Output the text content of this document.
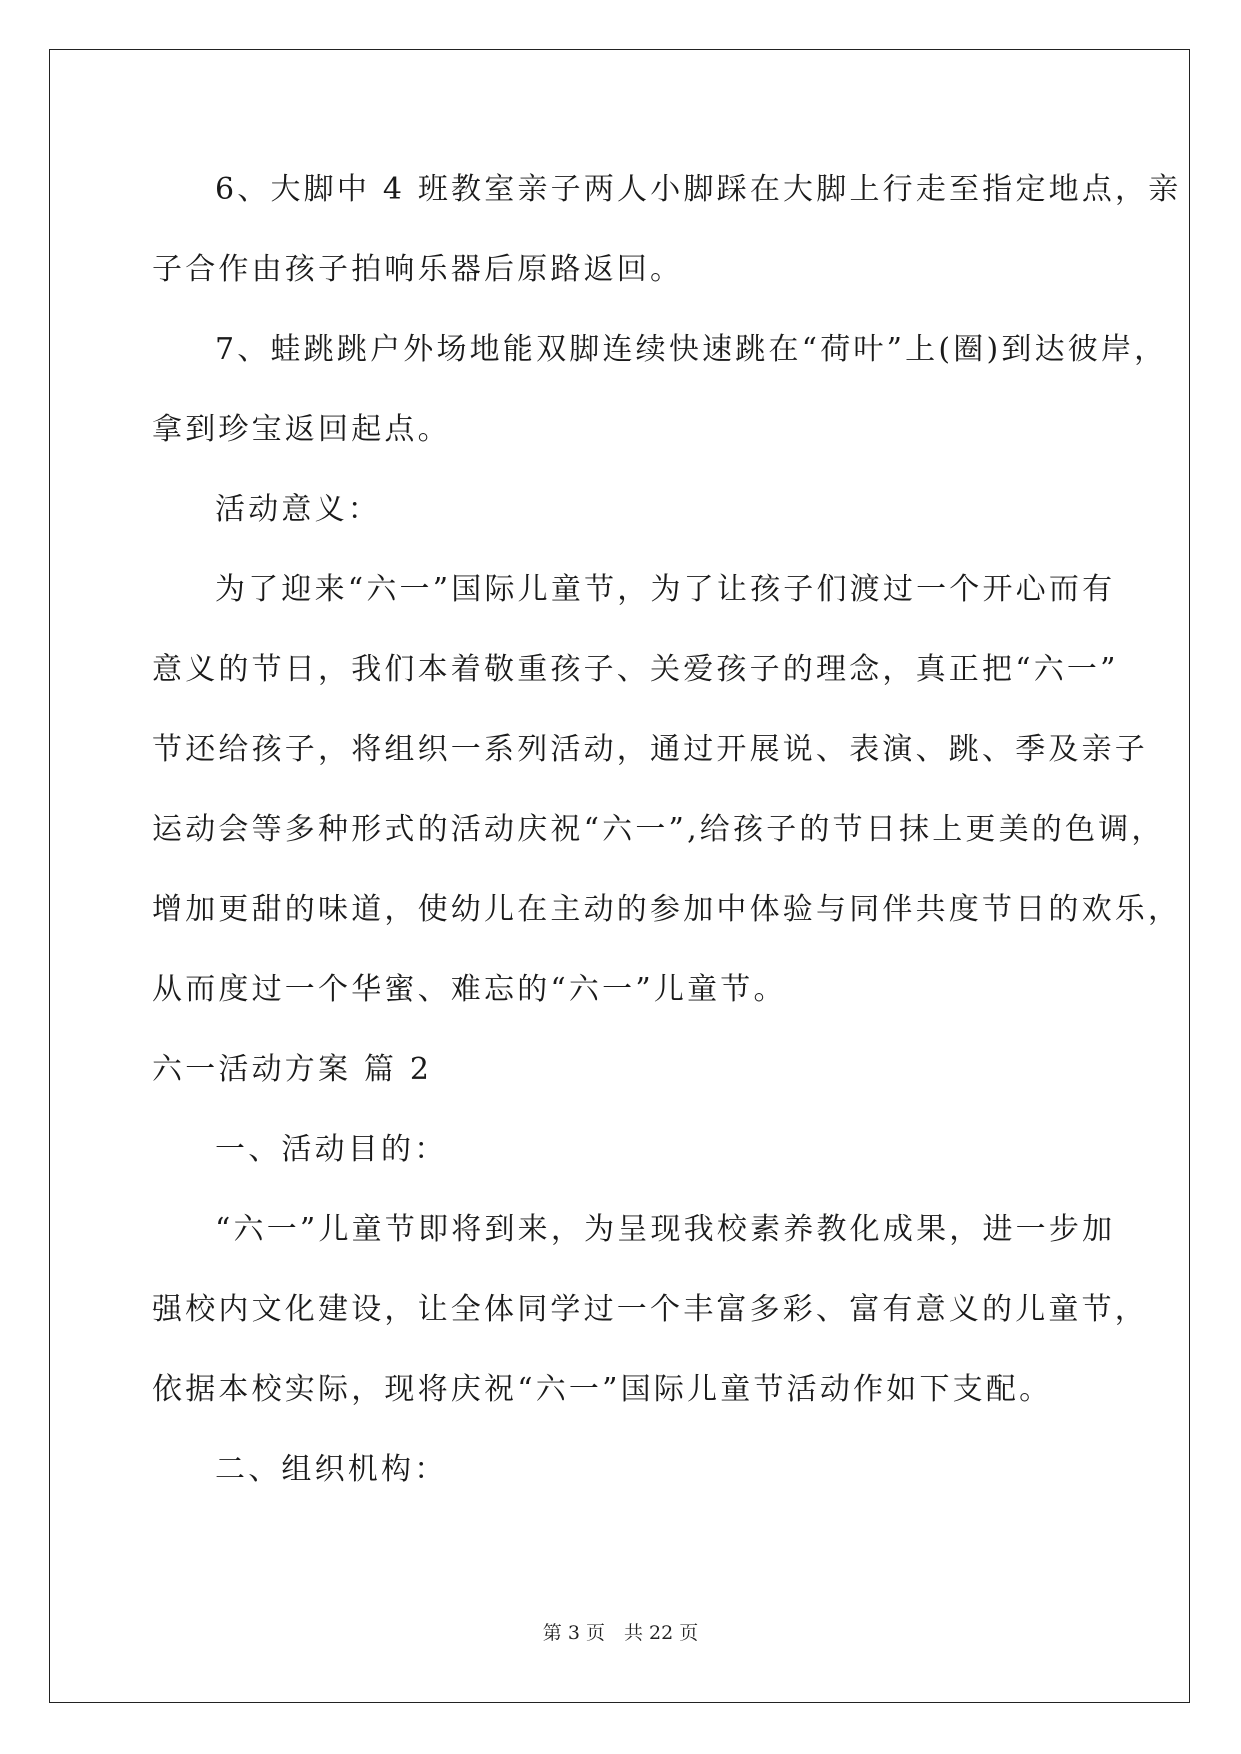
6、大脚中 4 班教室亲子两人小脚踩在大脚上行走至指定地点，亲
子合作由孩子拍响乐器后原路返回。
7、蛙跳跳户外场地能双脚连续快速跳在“荷叶”上(圈)到达彼岸，
拿到珍宝返回起点。
活动意义：
为了迎来“六一”国际儿童节，为了让孩子们渡过一个开心而有
意义的节日，我们本着敬重孩子、关爱孩子的理念，真正把“六一”
节还给孩子，将组织一系列活动，通过开展说、表演、跳、季及亲子
运动会等多种形式的活动庆祝“六一”,给孩子的节日抹上更美的色调，
增加更甜的味道，使幼儿在主动的参加中体验与同伴共度节日的欢乐，
从而度过一个华蜜、难忘的“六一”儿童节。
六一活动方案 篇 2
一、活动目的：
“六一”儿童节即将到来，为呈现我校素养教化成果，进一步加
强校内文化建设，让全体同学过一个丰富多彩、富有意义的儿童节，
依据本校实际，现将庆祝“六一”国际儿童节活动作如下支配。
二、组织机构：
第 3 页　共 22 页
